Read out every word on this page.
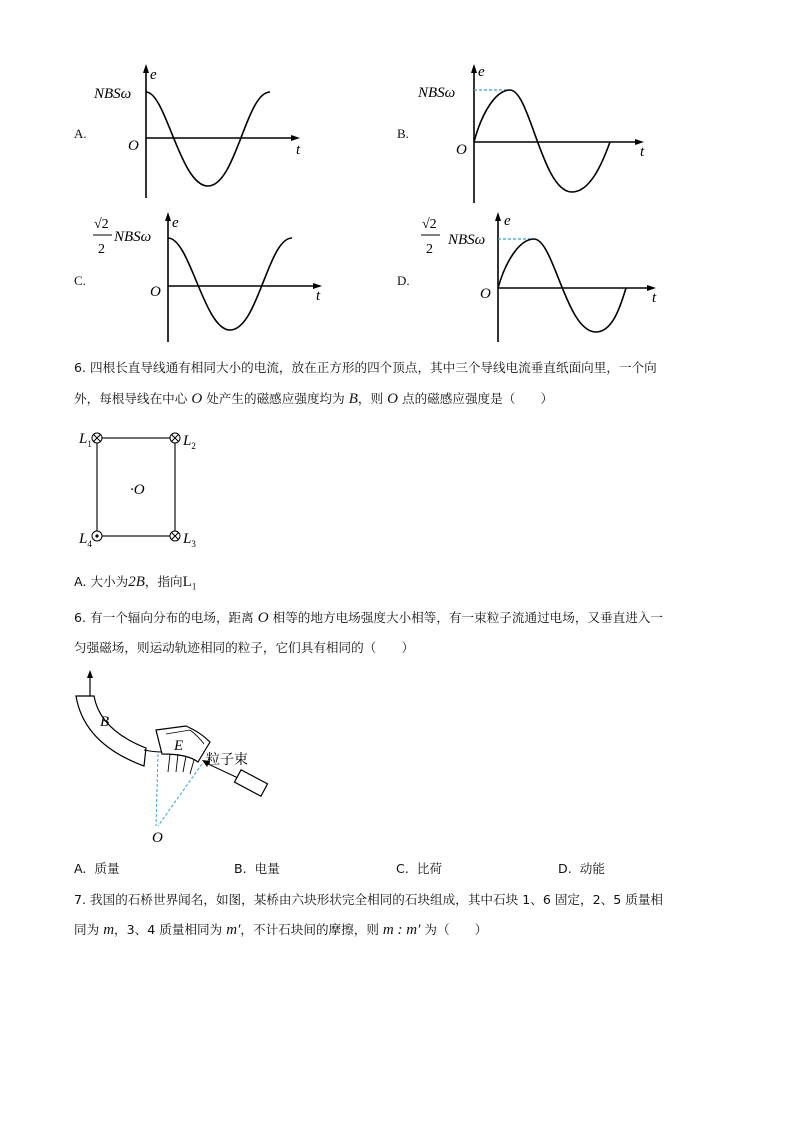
A.
e
NBSω
O	t
B.
e
NBSω
O	t
C.
e
√2
2
NBSω
O	t
D.
e
√2
2
NBSω
O	t
6. 四根长直导线通有相同大小的电流，放在正方形的四个顶点，其中三个导线电流垂直纸面向里，一个向
外，每根导线在中心 O 处产生的磁感应强度均为 B，则 O 点的磁感应强度是（　　）
$L_1$	$L_2$
$L_3$
$L_4$
·O
A. 大小为2B，指向$L_1$
6. 有一个辐向分布的电场，距离 O 相等的地方电场强度大小相等，有一束粒子流通过电场，又垂直进入一
匀强磁场，则运动轨迹相同的粒子，它们具有相同的（　　）
B
E
O
粒子束
A. 质量	B. 电量	C. 比荷	D. 动能
7. 我国的石桥世界闻名，如图，某桥由六块形状完全相同的石块组成，其中石块 1、6 固定，2、5 质量相
同为 m，3、4 质量相同为 m′，不计石块间的摩擦，则 m : m′ 为（　　）
